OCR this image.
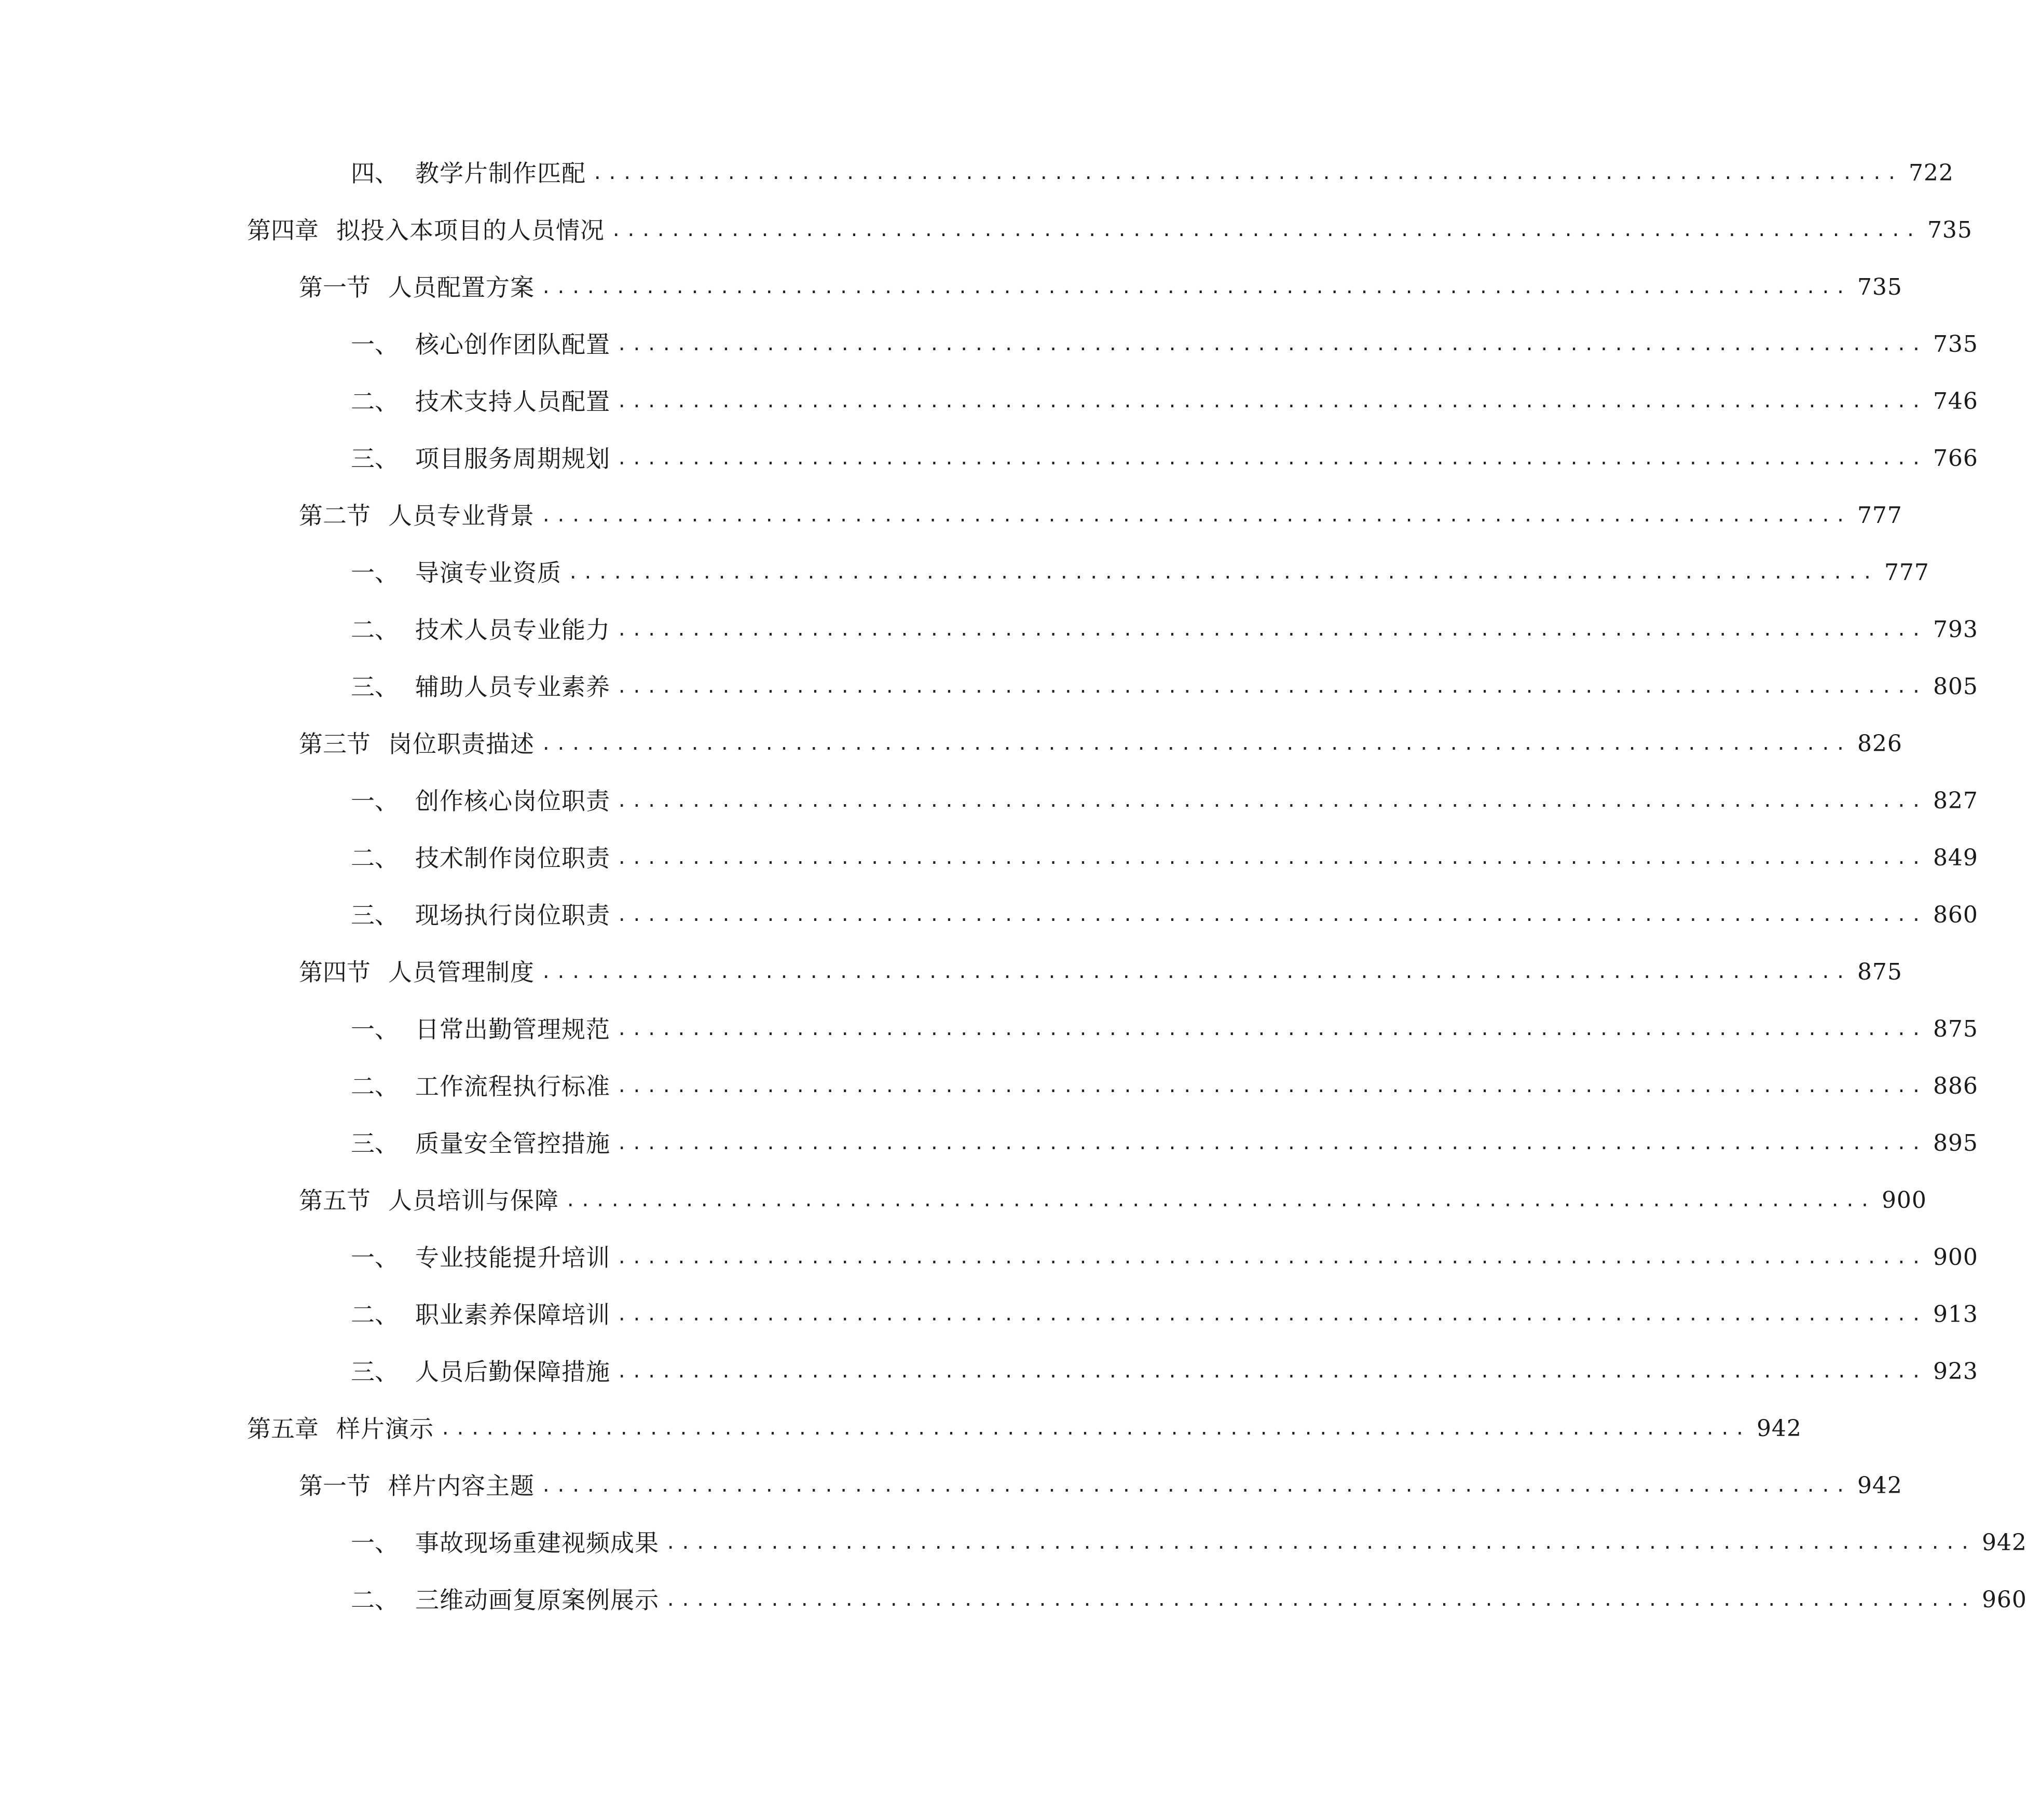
四、 教学片制作匹配 ........................................................................................ 722
第四章 拟投入本项目的人员情况 ........................................................................................ 735
第一节 人员配置方案 ........................................................................................ 735
一、 核心创作团队配置 ........................................................................................ 735
二、 技术支持人员配置 ........................................................................................ 746
三、 项目服务周期规划 ........................................................................................ 766
第二节 人员专业背景 ........................................................................................ 777
一、 导演专业资质 ........................................................................................ 777
二、 技术人员专业能力 ........................................................................................ 793
三、 辅助人员专业素养 ........................................................................................ 805
第三节 岗位职责描述 ........................................................................................ 826
一、 创作核心岗位职责 ........................................................................................ 827
二、 技术制作岗位职责 ........................................................................................ 849
三、 现场执行岗位职责 ........................................................................................ 860
第四节 人员管理制度 ........................................................................................ 875
一、 日常出勤管理规范 ........................................................................................ 875
二、 工作流程执行标准 ........................................................................................ 886
三、 质量安全管控措施 ........................................................................................ 895
第五节 人员培训与保障 ........................................................................................ 900
一、 专业技能提升培训 ........................................................................................ 900
二、 职业素养保障培训 ........................................................................................ 913
三、 人员后勤保障措施 ........................................................................................ 923
第五章 样片演示 ........................................................................................ 942
第一节 样片内容主题 ........................................................................................ 942
一、 事故现场重建视频成果 ........................................................................................ 942
二、 三维动画复原案例展示 ........................................................................................ 960
